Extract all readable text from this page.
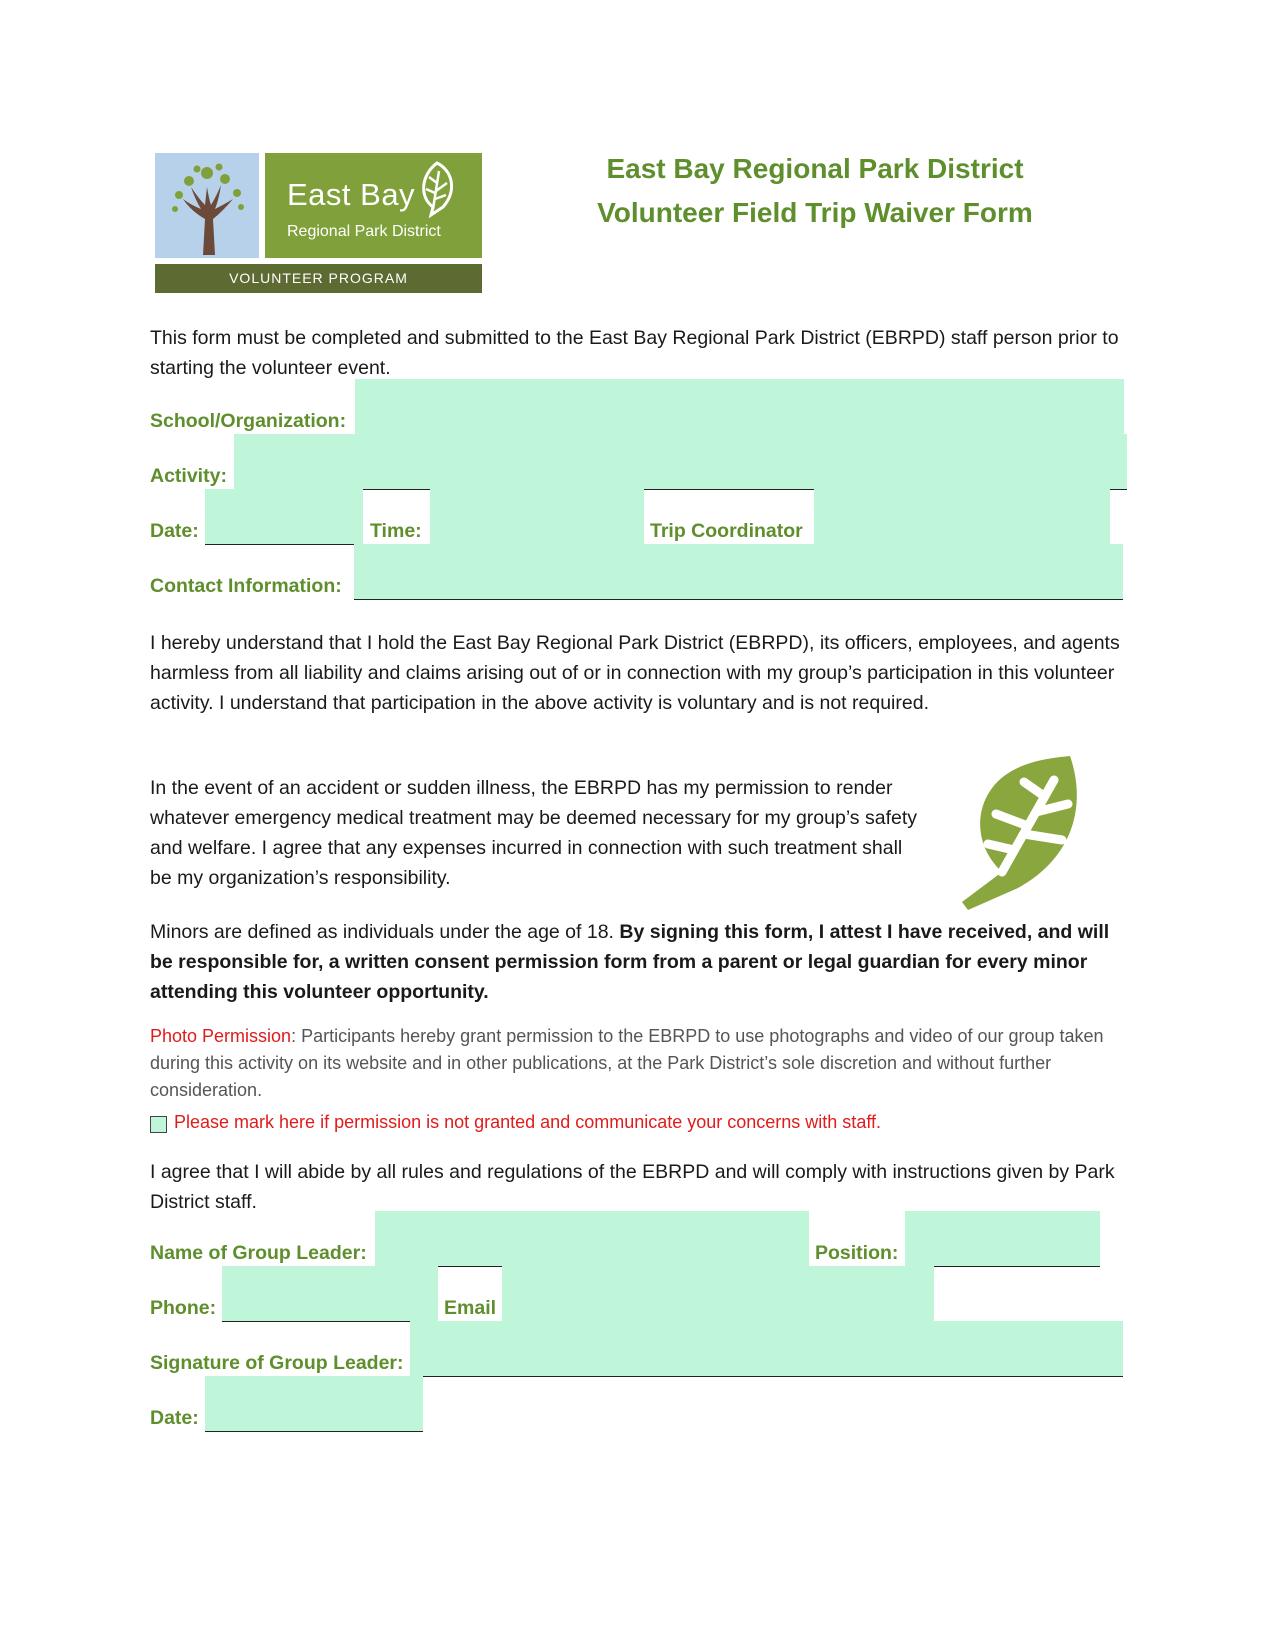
East Bay
Regional Park District
VOLUNTEER PROGRAM
East Bay Regional Park District
Volunteer Field Trip Waiver Form
This form must be completed and submitted to the East Bay Regional Park District (EBRPD) staff person prior to starting the volunteer event.
School/Organization:
Activity:
Date:	Time:	Trip Coordinator
Contact Information:
I hereby understand that I hold the East Bay Regional Park District (EBRPD), its officers, employees, and agents harmless from all liability and claims arising out of or in connection with my group’s participation in this volunteer activity. I understand that participation in the above activity is voluntary and is not required.
In the event of an accident or sudden illness, the EBRPD has my permission to render whatever emergency medical treatment may be deemed necessary for my group’s safety and welfare. I agree that any expenses incurred in connection with such treatment shall be my organization’s responsibility.
Minors are defined as individuals under the age of 18. By signing this form, I attest I have received, and will be responsible for, a written consent permission form from a parent or legal guardian for every minor attending this volunteer opportunity.
Photo Permission: Participants hereby grant permission to the EBRPD to use photographs and video of our group taken during this activity on its website and in other publications, at the Park District’s sole discretion and without further consideration.
Please mark here if permission is not granted and communicate your concerns with staff.
I agree that I will abide by all rules and regulations of the EBRPD and will comply with instructions given by Park District staff.
Name of Group Leader:	Position:
Phone:	Email
Signature of Group Leader:
Date:
